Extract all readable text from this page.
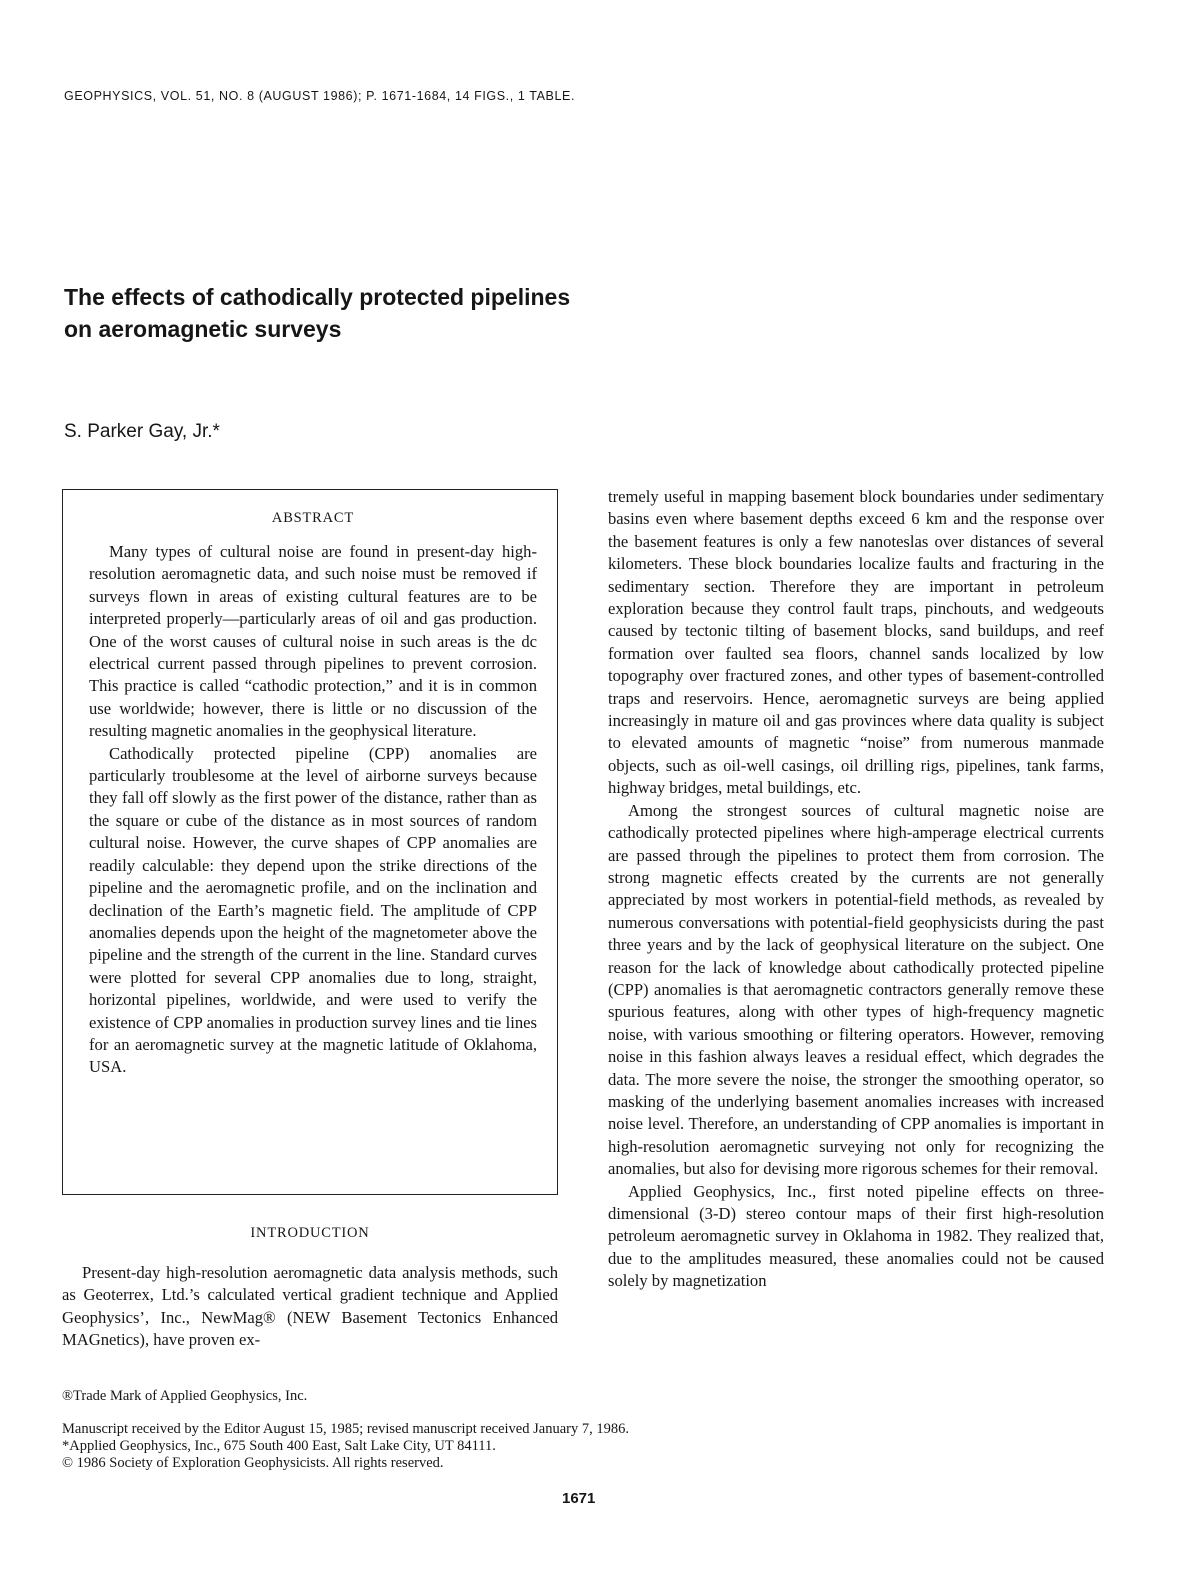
GEOPHYSICS, VOL. 51, NO. 8 (AUGUST 1986); P. 1671-1684, 14 FIGS., 1 TABLE.
The effects of cathodically protected pipelines
on aeromagnetic surveys
S. Parker Gay, Jr.*
ABSTRACT

Many types of cultural noise are found in present-day high-resolution aeromagnetic data, and such noise must be removed if surveys flown in areas of existing cultural features are to be interpreted properly—particularly areas of oil and gas production. One of the worst causes of cultural noise in such areas is the dc electrical current passed through pipelines to prevent corrosion. This practice is called “cathodic protection,” and it is in common use worldwide; however, there is little or no discussion of the resulting magnetic anomalies in the geophysical literature.

Cathodically protected pipeline (CPP) anomalies are particularly troublesome at the level of airborne surveys because they fall off slowly as the first power of the distance, rather than as the square or cube of the distance as in most sources of random cultural noise. However, the curve shapes of CPP anomalies are readily calculable: they depend upon the strike directions of the pipeline and the aeromagnetic profile, and on the inclination and declination of the Earth’s magnetic field. The amplitude of CPP anomalies depends upon the height of the magnetometer above the pipeline and the strength of the current in the line. Standard curves were plotted for several CPP anomalies due to long, straight, horizontal pipelines, worldwide, and were used to verify the existence of CPP anomalies in production survey lines and tie lines for an aeromagnetic survey at the magnetic latitude of Oklahoma, USA.

INTRODUCTION

Present-day high-resolution aeromagnetic data analysis methods, such as Geoterrex, Ltd.’s calculated vertical gradient technique and Applied Geophysics’, Inc., NewMag® (NEW Basement Tectonics Enhanced MAGnetics), have proven ex-

tremely useful in mapping basement block boundaries under sedimentary basins even where basement depths exceed 6 km and the response over the basement features is only a few nanoteslas over distances of several kilometers. These block boundaries localize faults and fracturing in the sedimentary section. Therefore they are important in petroleum exploration because they control fault traps, pinchouts, and wedgeouts caused by tectonic tilting of basement blocks, sand buildups, and reef formation over faulted sea floors, channel sands localized by low topography over fractured zones, and other types of basement-controlled traps and reservoirs. Hence, aeromagnetic surveys are being applied increasingly in mature oil and gas provinces where data quality is subject to elevated amounts of magnetic “noise” from numerous manmade objects, such as oil-well casings, oil drilling rigs, pipelines, tank farms, highway bridges, metal buildings, etc.

Among the strongest sources of cultural magnetic noise are cathodically protected pipelines where high-amperage electrical currents are passed through the pipelines to protect them from corrosion. The strong magnetic effects created by the currents are not generally appreciated by most workers in potential-field methods, as revealed by numerous conversations with potential-field geophysicists during the past three years and by the lack of geophysical literature on the subject. One reason for the lack of knowledge about cathodically protected pipeline (CPP) anomalies is that aeromagnetic contractors generally remove these spurious features, along with other types of high-frequency magnetic noise, with various smoothing or filtering operators. However, removing noise in this fashion always leaves a residual effect, which degrades the data. The more severe the noise, the stronger the smoothing operator, so masking of the underlying basement anomalies increases with increased noise level. Therefore, an understanding of CPP anomalies is important in high-resolution aeromagnetic surveying not only for recognizing the anomalies, but also for devising more rigorous schemes for their removal.

Applied Geophysics, Inc., first noted pipeline effects on three-dimensional (3-D) stereo contour maps of their first high-resolution petroleum aeromagnetic survey in Oklahoma in 1982. They realized that, due to the amplitudes measured, these anomalies could not be caused solely by magnetization

®Trade Mark of Applied Geophysics, Inc.
Manuscript received by the Editor August 15, 1985; revised manuscript received January 7, 1986.
*Applied Geophysics, Inc., 675 South 400 East, Salt Lake City, UT 84111.
© 1986 Society of Exploration Geophysicists. All rights reserved.
1671
